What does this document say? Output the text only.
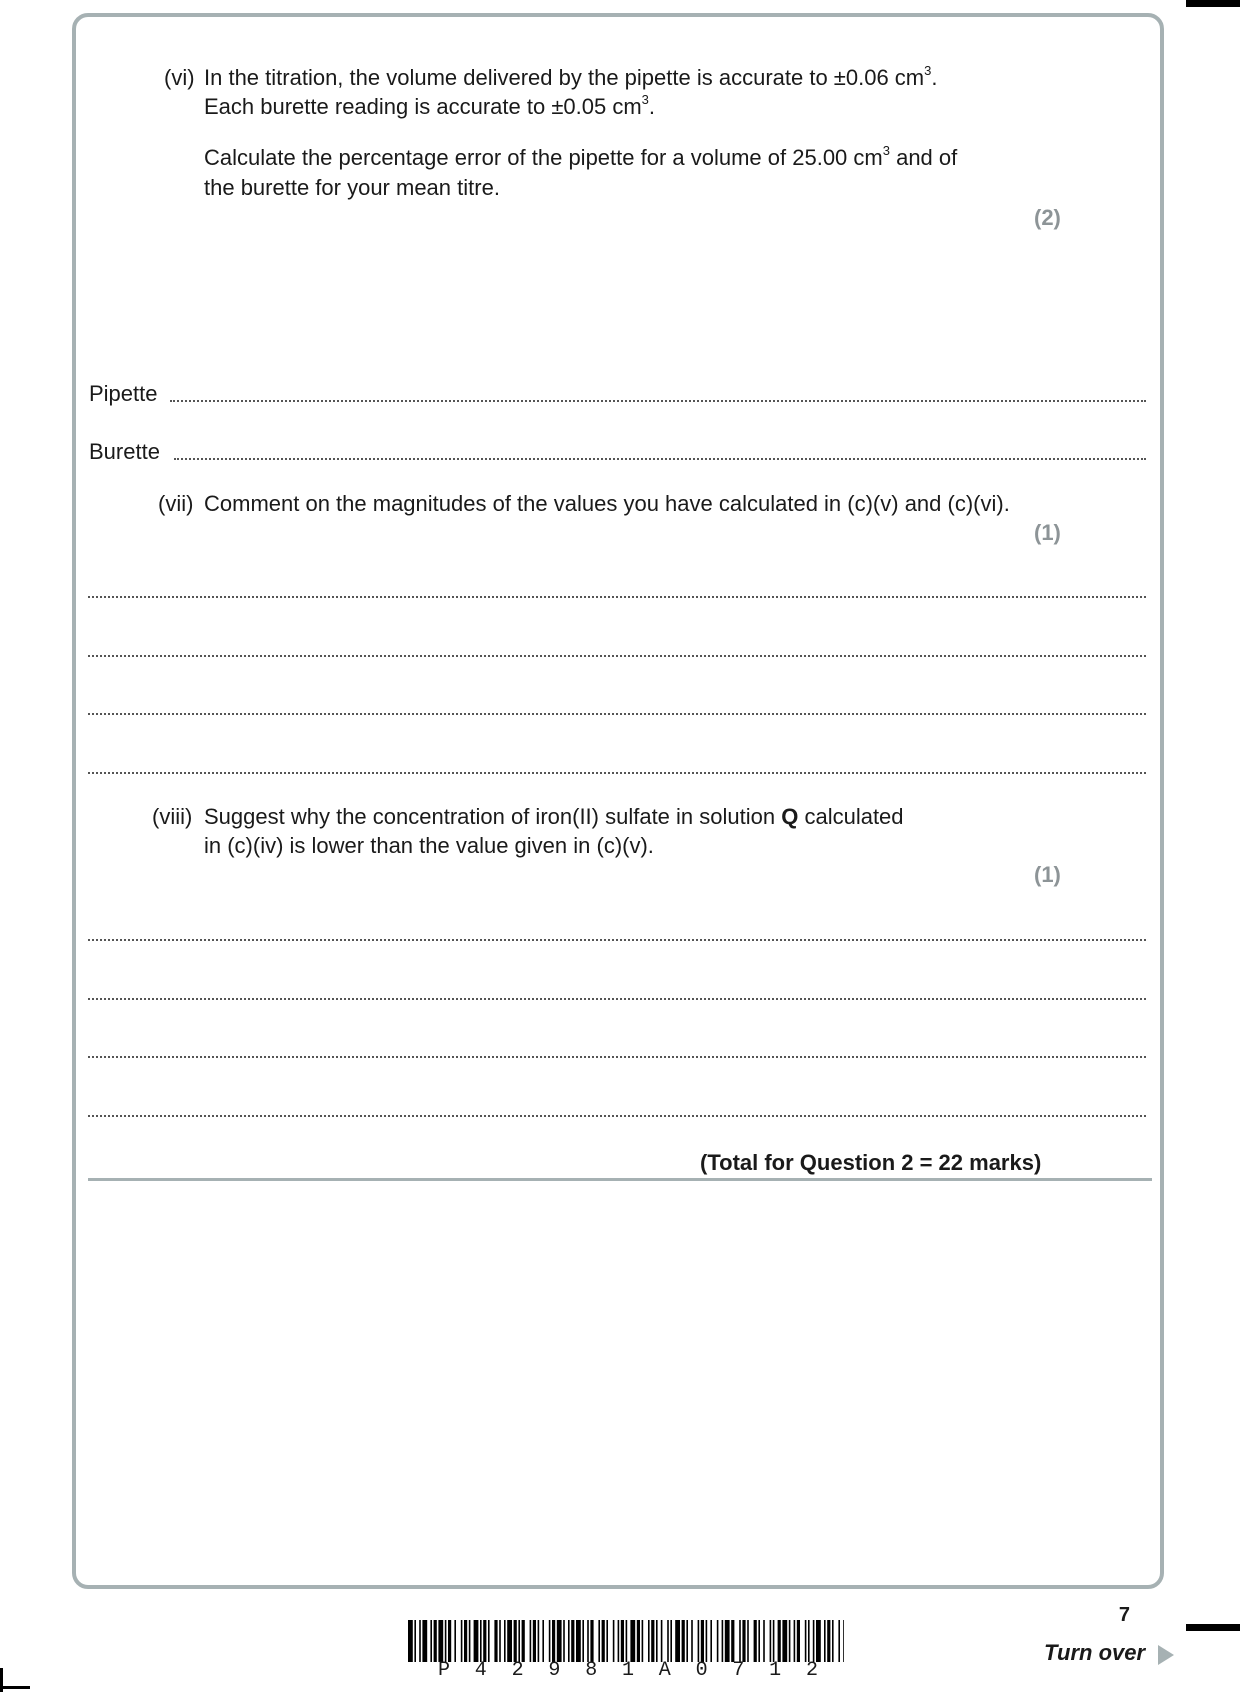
(vi) In the titration, the volume delivered by the pipette is accurate to ±0.06 $cm^3$.
Each burette reading is accurate to ±0.05 $cm^3$.
Calculate the percentage error of the pipette for a volume of 25.00 $cm^3$ and of
the burette for your mean titre.
(2)
Pipette
Burette
(vii) Comment on the magnitudes of the values you have calculated in (c)(v) and (c)(vi).
(1)
(viii) Suggest why the concentration of iron(II) sulfate in solution Q calculated
in (c)(iv) is lower than the value given in (c)(v).
(1)
(Total for Question 2 = 22 marks)
7
Turn over
P 4 2 9 8 1 A 0 7 1 2
